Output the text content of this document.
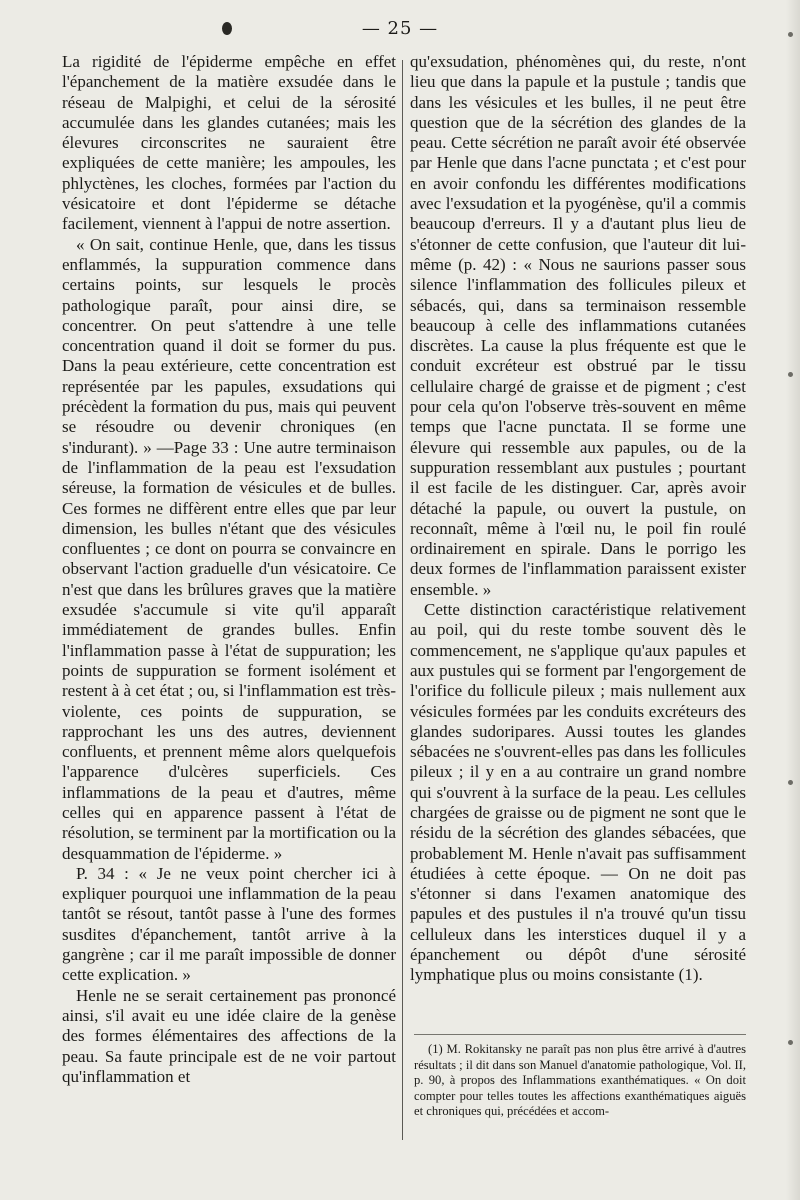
— 25 —

La rigidité de l'épiderme empêche en effet l'épanchement de la matière exsudée dans le réseau de Malpighi, et celui de la sérosité accumulée dans les glandes cutanées; mais les élevures circonscrites ne sauraient être expliquées de cette manière; les ampoules, les phlyctènes, les cloches, formées par l'action du vésicatoire et dont l'épiderme se détache facilement, viennent à l'appui de notre assertion.

« On sait, continue Henle, que, dans les tissus enflammés, la suppuration commence dans certains points, sur lesquels le procès pathologique paraît, pour ainsi dire, se concentrer. On peut s'attendre à une telle concentration quand il doit se former du pus. Dans la peau extérieure, cette concentration est représentée par les papules, exsudations qui précèdent la formation du pus, mais qui peuvent se résoudre ou devenir chroniques (en s'indurant). » —Page 33 : Une autre terminaison de l'inflammation de la peau est l'exsudation séreuse, la formation de vésicules et de bulles. Ces formes ne diffèrent entre elles que par leur dimension, les bulles n'étant que des vésicules confluentes ; ce dont on pourra se convaincre en observant l'action graduelle d'un vésicatoire. Ce n'est que dans les brûlures graves que la matière exsudée s'accumule si vite qu'il apparaît immédiatement de grandes bulles. Enfin l'inflammation passe à l'état de suppuration; les points de suppuration se forment isolément et restent à à cet état ; ou, si l'inflammation est très-violente, ces points de suppuration, se rapprochant les uns des autres, deviennent confluents, et prennent même alors quelquefois l'apparence d'ulcères superficiels. Ces inflammations de la peau et d'autres, même celles qui en apparence passent à l'état de résolution, se terminent par la mortification ou la desquammation de l'épiderme. »

P. 34 : « Je ne veux point chercher ici à expliquer pourquoi une inflammation de la peau tantôt se résout, tantôt passe à l'une des formes susdites d'épanchement, tantôt arrive à la gangrène ; car il me paraît impossible de donner cette explication. »

Henle ne se serait certainement pas prononcé ainsi, s'il avait eu une idée claire de la genèse des formes élémentaires des affections de la peau. Sa faute principale est de ne voir partout qu'inflammation et

qu'exsudation, phénomènes qui, du reste, n'ont lieu que dans la papule et la pustule ; tandis que dans les vésicules et les bulles, il ne peut être question que de la sécrétion des glandes de la peau. Cette sécrétion ne paraît avoir été observée par Henle que dans l'acne punctata ; et c'est pour en avoir confondu les différentes modifications avec l'exsudation et la pyogénèse, qu'il a commis beaucoup d'erreurs. Il y a d'autant plus lieu de s'étonner de cette confusion, que l'auteur dit lui-même (p. 42) : « Nous ne saurions passer sous silence l'inflammation des follicules pileux et sébacés, qui, dans sa terminaison ressemble beaucoup à celle des inflammations cutanées discrètes. La cause la plus fréquente est que le conduit excréteur est obstrué par le tissu cellulaire chargé de graisse et de pigment ; c'est pour cela qu'on l'observe très-souvent en même temps que l'acne punctata. Il se forme une élevure qui ressemble aux papules, ou de la suppuration ressemblant aux pustules ; pourtant il est facile de les distinguer. Car, après avoir détaché la papule, ou ouvert la pustule, on reconnaît, même à l'œil nu, le poil fin roulé ordinairement en spirale. Dans le porrigo les deux formes de l'inflammation paraissent exister ensemble. »

Cette distinction caractéristique relativement au poil, qui du reste tombe souvent dès le commencement, ne s'applique qu'aux papules et aux pustules qui se forment par l'engorgement de l'orifice du follicule pileux ; mais nullement aux vésicules formées par les conduits excréteurs des glandes sudoripares. Aussi toutes les glandes sébacées ne s'ouvrent-elles pas dans les follicules pileux ; il y en a au contraire un grand nombre qui s'ouvrent à la surface de la peau. Les cellules chargées de graisse ou de pigment ne sont que le résidu de la sécrétion des glandes sébacées, que probablement M. Henle n'avait pas suffisamment étudiées à cette époque. — On ne doit pas s'étonner si dans l'examen anatomique des papules et des pustules il n'a trouvé qu'un tissu celluleux dans les interstices duquel il y a épanchement ou dépôt d'une sérosité lymphatique plus ou moins consistante (1).

(1) M. Rokitansky ne paraît pas non plus être arrivé à d'autres résultats ; il dit dans son Manuel d'anatomie pathologique, Vol. II, p. 90, à propos des Inflammations exanthématiques. « On doit compter pour telles toutes les affections exanthématiques aiguës et chroniques qui, précédées et accom-
